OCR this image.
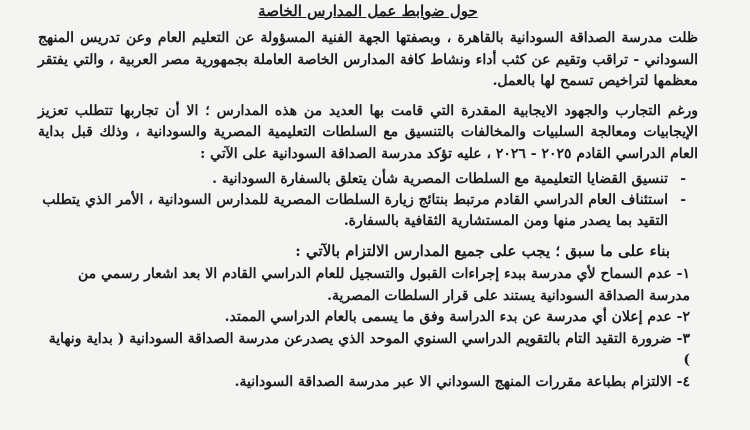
حول ضوابط عمل المدارس الخاصة

ظلت مدرسة الصداقة السودانية بالقاهرة ، وبصفتها الجهة الفنية المسؤولة عن التعليم العام وعن تدريس المنهج السوداني - تراقب وتقيم عن كثب أداء ونشاط كافة المدارس الخاصة العاملة بجمهورية مصر العربية ، والتي يفتقر معظمها لتراخيص تسمح لها بالعمل.

ورغم التجارب والجهود الايجابية المقدرة التي قامت بها العديد من هذه المدارس ؛ الا أن تجاربها تتطلب تعزيز الإيجابيات ومعالجة السلبيات والمخالفات بالتنسيق مع السلطات التعليمية المصرية والسودانية ، وذلك قبل بداية العام الدراسي القادم ٢٠٢٥ - ٢٠٢٦ ، عليه تؤكد مدرسة الصداقة السودانية على الآتي :

-
تنسيق القضايا التعليمية مع السلطات المصرية شأن يتعلق بالسفارة السودانية .
-
استئناف العام الدراسي القادم مرتبط بنتائج زيارة السلطات المصرية للمدارس السودانية ، الأمر الذي يتطلب التقيد بما يصدر منها ومن المستشارية الثقافية بالسفارة.
بناء على ما سبق ؛ يجب على جميع المدارس الالتزام بالآتي :
١- عدم السماح لأي مدرسة ببدء إجراءات القبول والتسجيل للعام الدراسي القادم الا بعد اشعار رسمي من مدرسة الصداقة السودانية يستند على قرار السلطات المصرية.
٢- عدم إعلان أي مدرسة عن بدء الدراسة وفق ما يسمى بالعام الدراسي الممتد.
٣- ضرورة التقيد التام بالتقويم الدراسي السنوي الموحد الذي يصدرعن مدرسة الصداقة السودانية ( بداية ونهاية )
٤- الالتزام بطباعة مقررات المنهج السوداني الا عبر مدرسة الصداقة السودانية.
